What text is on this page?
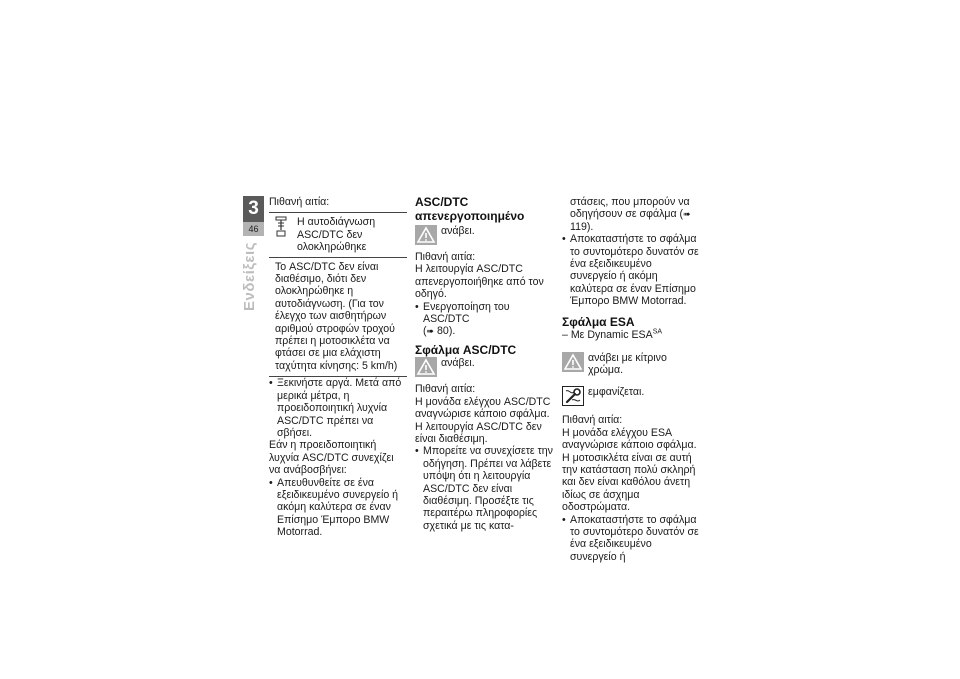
3
46
Ενδείξεις

Πιθανή αιτία:

Η αυτοδιάγνωση ASC/DTC δεν ολοκληρώθηκε
Το ASC/DTC δεν είναι διαθέσιμο, διότι δεν ολοκληρώθηκε η αυτοδιάγνωση. (Για τον έλεγχο των αισθητήρων αριθμού στροφών τροχού πρέπει η μοτοσικλέτα να φτάσει σε μια ελάχιστη ταχύτητα κίνησης: 5 km/h)
• Ξεκινήστε αργά. Μετά από μερικά μέτρα, η προειδοποιητική λυχνία ASC/DTC πρέπει να σβήσει.

Εάν η προειδοποιητική λυχνία ASC/DTC συνεχίζει να ανάβοσβήνει:

• Απευθυνθείτε σε ένα εξειδικευμένο συνεργείο ή ακόμη καλύτερα σε έναν Επίσημο Έμπορο BMW Motorrad.

ASC/DTC απενεργοποιημένο

ανάβει.

Πιθανή αιτία:

Η λειτουργία ASC/DTC απενεργοποιήθηκε από τον οδηγό.

• Ενεργοποίηση του ASC/DTC
(➠ 80).

Σφάλμα ASC/DTC

ανάβει.

Πιθανή αιτία:

Η μονάδα ελέγχου ASC/DTC αναγνώρισε κάποιο σφάλμα. Η λειτουργία ASC/DTC δεν είναι διαθέσιμη.

• Μπορείτε να συνεχίσετε την οδήγηση. Πρέπει να λάβετε υπόψη ότι η λειτουργία ASC/DTC δεν είναι διαθέσιμη. Προσέξτε τις περαιτέρω πληροφορίες σχετικά με τις κατα-

στάσεις, που μπορούν να οδηγήσουν σε σφάλμα (➠ 119).

• Αποκαταστήστε το σφάλμα το συντομότερο δυνατόν σε ένα εξειδικευμένο συνεργείο ή ακόμη καλύτερα σε έναν Επίσημο Έμπορο BMW Motorrad.

Σφάλμα ESA

– Με Dynamic $ESA^{SA}$

ανάβει με κίτρινο χρώμα.
εμφανίζεται.

Πιθανή αιτία:

Η μονάδα ελέγχου ESA αναγνώρισε κάποιο σφάλμα. Η μοτοσικλέτα είναι σε αυτή την κατάσταση πολύ σκληρή και δεν είναι καθόλου άνετη ιδίως σε άσχημα οδοστρώματα.

• Αποκαταστήστε το σφάλμα το συντομότερο δυνατόν σε ένα εξειδικευμένο συνεργείο ή
